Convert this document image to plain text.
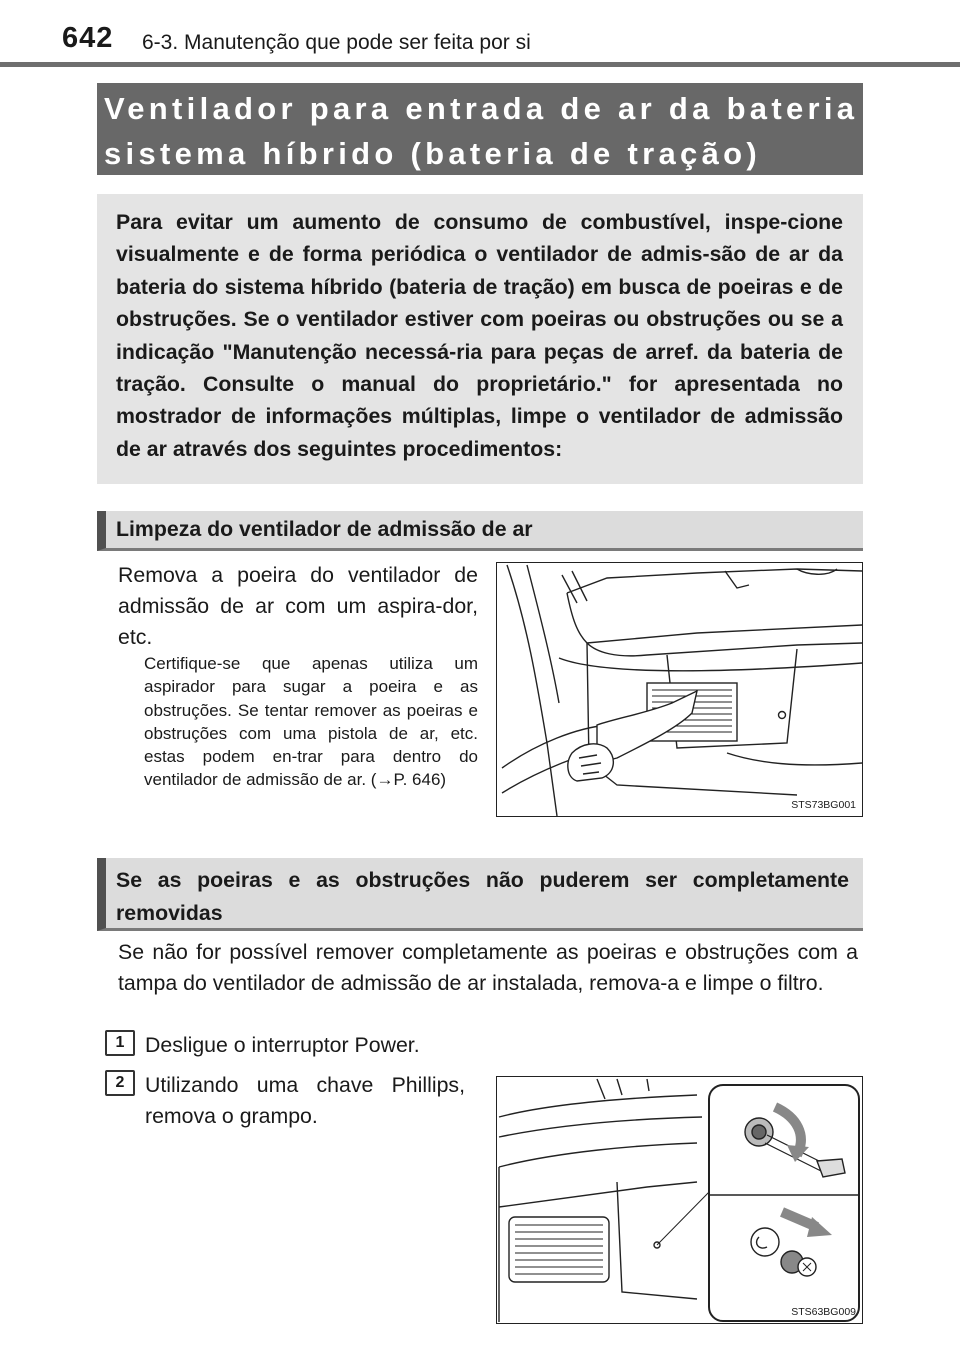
642 6-3. Manutenção que pode ser feita por si
Ventilador para entrada de ar da bateria do
sistema híbrido (bateria de tração)

Para evitar um aumento de consumo de combustível, inspe-cione visualmente e de forma periódica o ventilador de admis-são de ar da bateria do sistema híbrido (bateria de tração) em busca de poeiras e de obstruções. Se o ventilador estiver com poeiras ou obstruções ou se a indicação "Manutenção necessá-ria para peças de arref. da bateria de tração. Consulte o manual do proprietário." for apresentada no mostrador de informações múltiplas, limpe o ventilador de admissão de ar através dos seguintes procedimentos:

Limpeza do ventilador de admissão de ar
Remova a poeira do ventilador de admissão de ar com um aspira-dor, etc.
Certifique-se que apenas utiliza um aspirador para sugar a poeira e as obstruções. Se tentar remover as poeiras e obstruções com uma pistola de ar, etc. estas podem en-trar para dentro do ventilador de admissão de ar. (→P. 646)
STS73BG001
Se as poeiras e as obstruções não puderem ser completamente removidas
Se não for possível remover completamente as poeiras e obstruções com a tampa do ventilador de admissão de ar instalada, remova-a e limpe o filtro.
1 Desligue o interruptor Power.
2 Utilizando uma chave Phillips, remova o grampo.
STS63BG009
